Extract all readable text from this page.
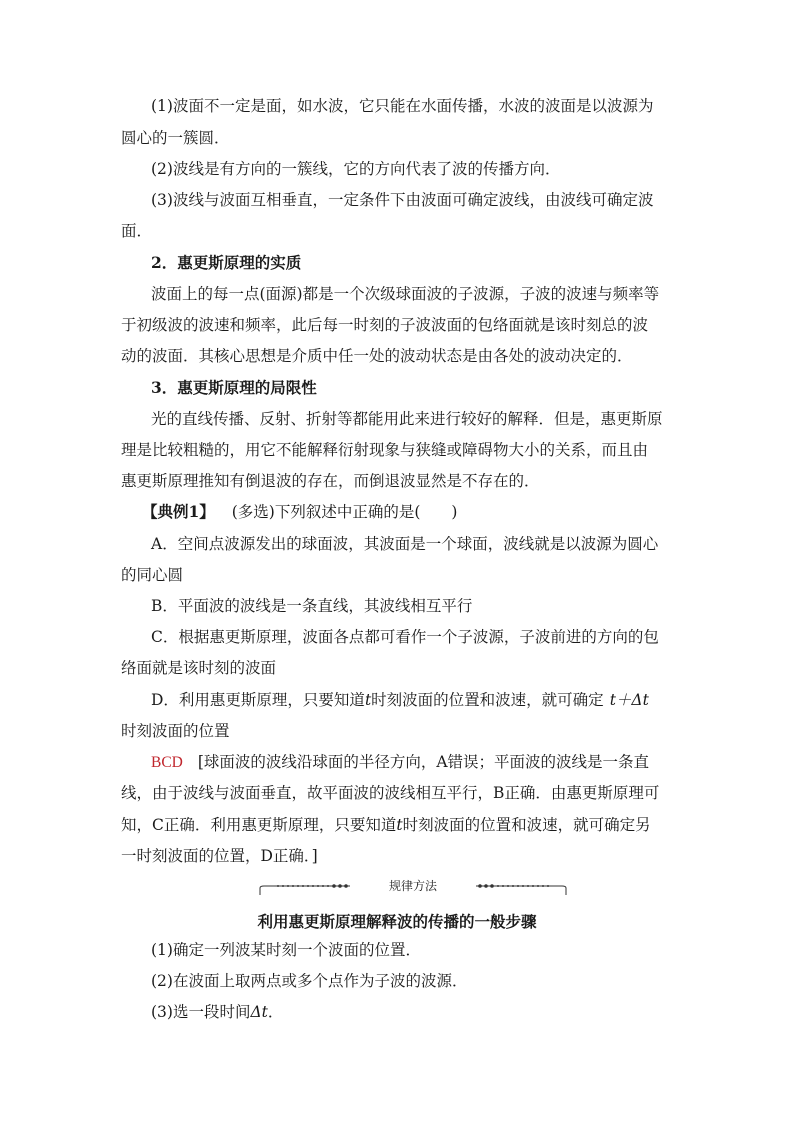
(1)波面不一定是面，如水波，它只能在水面传播，水波的波面是以波源为
圆心的一簇圆．
(2)波线是有方向的一簇线，它的方向代表了波的传播方向．
(3)波线与波面互相垂直，一定条件下由波面可确定波线，由波线可确定波
面．
2．惠更斯原理的实质
波面上的每一点(面源)都是一个次级球面波的子波源，子波的波速与频率等
于初级波的波速和频率，此后每一时刻的子波波面的包络面就是该时刻总的波
动的波面．其核心思想是介质中任一处的波动状态是由各处的波动决定的．
3．惠更斯原理的局限性
光的直线传播、反射、折射等都能用此来进行较好的解释．但是，惠更斯原
理是比较粗糙的，用它不能解释衍射现象与狭缝或障碍物大小的关系，而且由
惠更斯原理推知有倒退波的存在，而倒退波显然是不存在的．
【典例1】 (多选)下列叙述中正确的是(　　)
A．空间点波源发出的球面波，其波面是一个球面，波线就是以波源为圆心
的同心圆
B．平面波的波线是一条直线，其波线相互平行
C．根据惠更斯原理，波面各点都可看作一个子波源，子波前进的方向的包
络面就是该时刻的波面
D．利用惠更斯原理，只要知道t时刻波面的位置和波速，就可确定 t＋Δt
时刻波面的位置
BCD [球面波的波线沿球面的半径方向，A错误；平面波的波线是一条直
线，由于波线与波面垂直，故平面波的波线相互平行，B正确．由惠更斯原理可
知，C正确．利用惠更斯原理，只要知道t时刻波面的位置和波速，就可确定另
一时刻波面的位置，D正确．]
规律方法
利用惠更斯原理解释波的传播的一般步骤
(1)确定一列波某时刻一个波面的位置．
(2)在波面上取两点或多个点作为子波的波源．
(3)选一段时间Δt．
